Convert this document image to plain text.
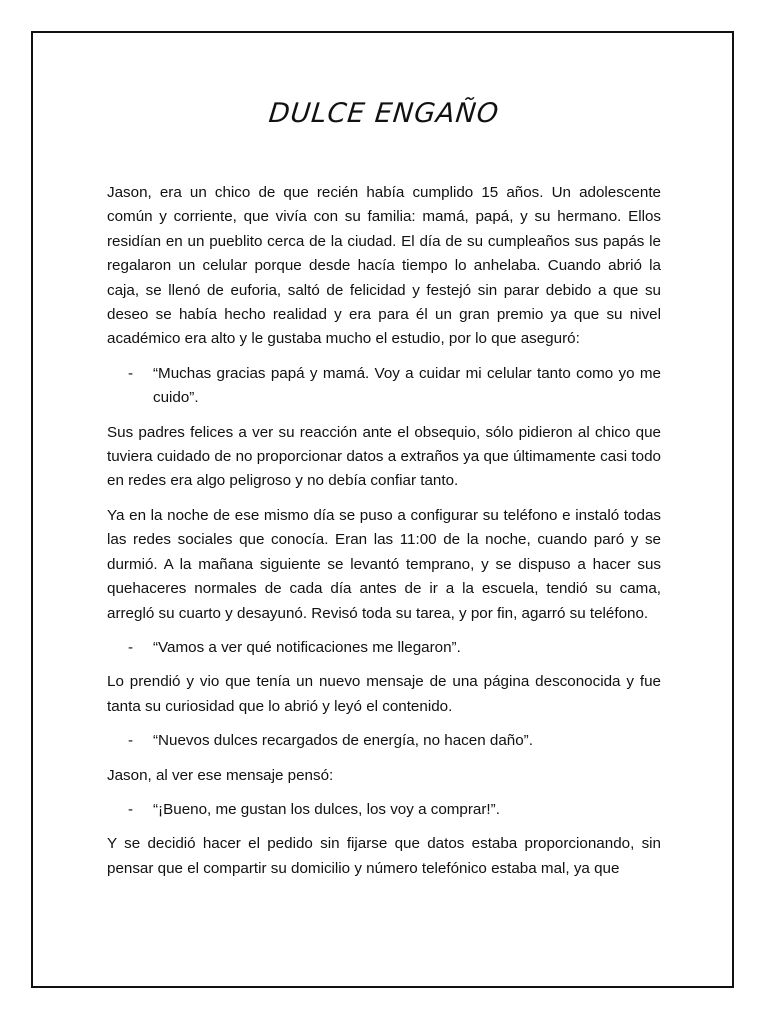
DULCE ENGAÑO

Jason, era un chico de que recién había cumplido 15 años. Un adolescente común y corriente, que vivía con su familia: mamá, papá, y su hermano. Ellos residían en un pueblito cerca de la ciudad. El día de su cumpleaños sus papás le regalaron un celular porque desde hacía tiempo lo anhelaba. Cuando abrió la caja, se llenó de euforia, saltó de felicidad y festejó sin parar debido a que su deseo se había hecho realidad y era para él un gran premio ya que su nivel académico era alto y le gustaba mucho el estudio, por lo que aseguró:

-	“Muchas gracias papá y mamá. Voy a cuidar mi celular tanto como yo me cuido”.

Sus padres felices a ver su reacción ante el obsequio, sólo pidieron al chico que tuviera cuidado de no proporcionar datos a extraños ya que últimamente casi todo en redes era algo peligroso y no debía confiar tanto.

Ya en la noche de ese mismo día se puso a configurar su teléfono e instaló todas las redes sociales que conocía. Eran las 11:00 de la noche, cuando paró y se durmió. A la mañana siguiente se levantó temprano, y se dispuso a hacer sus quehaceres normales de cada día antes de ir a la escuela, tendió su cama, arregló su cuarto y desayunó. Revisó toda su tarea, y por fin, agarró su teléfono.

-	“Vamos a ver qué notificaciones me llegaron”.

Lo prendió y vio que tenía un nuevo mensaje de una página desconocida y fue tanta su curiosidad que lo abrió y leyó el contenido.

-	“Nuevos dulces recargados de energía, no hacen daño”.

Jason, al ver ese mensaje pensó:

-	“¡Bueno, me gustan los dulces, los voy a comprar!”.

Y se decidió hacer el pedido sin fijarse que datos estaba proporcionando, sin pensar que el compartir su domicilio y número telefónico estaba mal, ya que
